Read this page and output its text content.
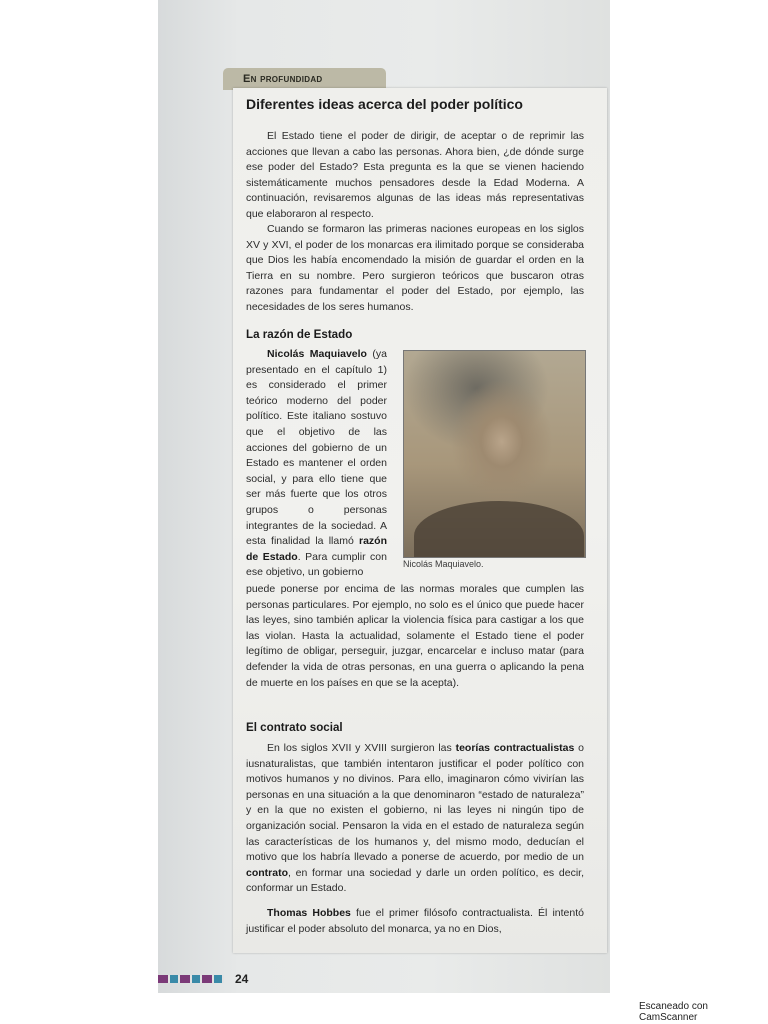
En profundidad
Diferentes ideas acerca del poder político

El Estado tiene el poder de dirigir, de aceptar o de reprimir las acciones que llevan a cabo las personas. Ahora bien, ¿de dónde surge ese poder del Estado? Esta pregunta es la que se vienen haciendo sistemáticamente muchos pensadores desde la Edad Moderna. A continuación, revisaremos algunas de las ideas más representativas que elaboraron al respecto.

Cuando se formaron las primeras naciones europeas en los siglos XV y XVI, el poder de los monarcas era ilimitado porque se consideraba que Dios les había encomendado la misión de guardar el orden en la Tierra en su nombre. Pero surgieron teóricos que buscaron otras razones para fundamentar el poder del Estado, por ejemplo, las necesidades de los seres humanos.

La razón de Estado

Nicolás Maquiavelo (ya presentado en el capítulo 1) es considerado el primer teórico moderno del poder político. Este italiano sostuvo que el objetivo de las acciones del gobierno de un Estado es mantener el orden social, y para ello tiene que ser más fuerte que los otros grupos o personas integrantes de la sociedad. A esta finalidad la llamó razón de Estado. Para cumplir con ese objetivo, un gobierno

Nicolás Maquiavelo.

puede ponerse por encima de las normas morales que cumplen las personas particulares. Por ejemplo, no solo es el único que puede hacer las leyes, sino también aplicar la violencia física para castigar a los que las violan. Hasta la actualidad, solamente el Estado tiene el poder legítimo de obligar, perseguir, juzgar, encarcelar e incluso matar (para defender la vida de otras personas, en una guerra o aplicando la pena de muerte en los países en que se la acepta).

El contrato social

En los siglos XVII y XVIII surgieron las teorías contractualistas o iusnaturalistas, que también intentaron justificar el poder político con motivos humanos y no divinos. Para ello, imaginaron cómo vivirían las personas en una situación a la que denominaron “estado de naturaleza” y en la que no existen el gobierno, ni las leyes ni ningún tipo de organización social. Pensaron la vida en el estado de naturaleza según las características de los humanos y, del mismo modo, deducían el motivo que los habría llevado a ponerse de acuerdo, por medio de un contrato, en formar una sociedad y darle un orden político, es decir, conformar un Estado.

Thomas Hobbes fue el primer filósofo contractualista. Él intentó justificar el poder absoluto del monarca, ya no en Dios,

24
Escaneado con CamScanner
